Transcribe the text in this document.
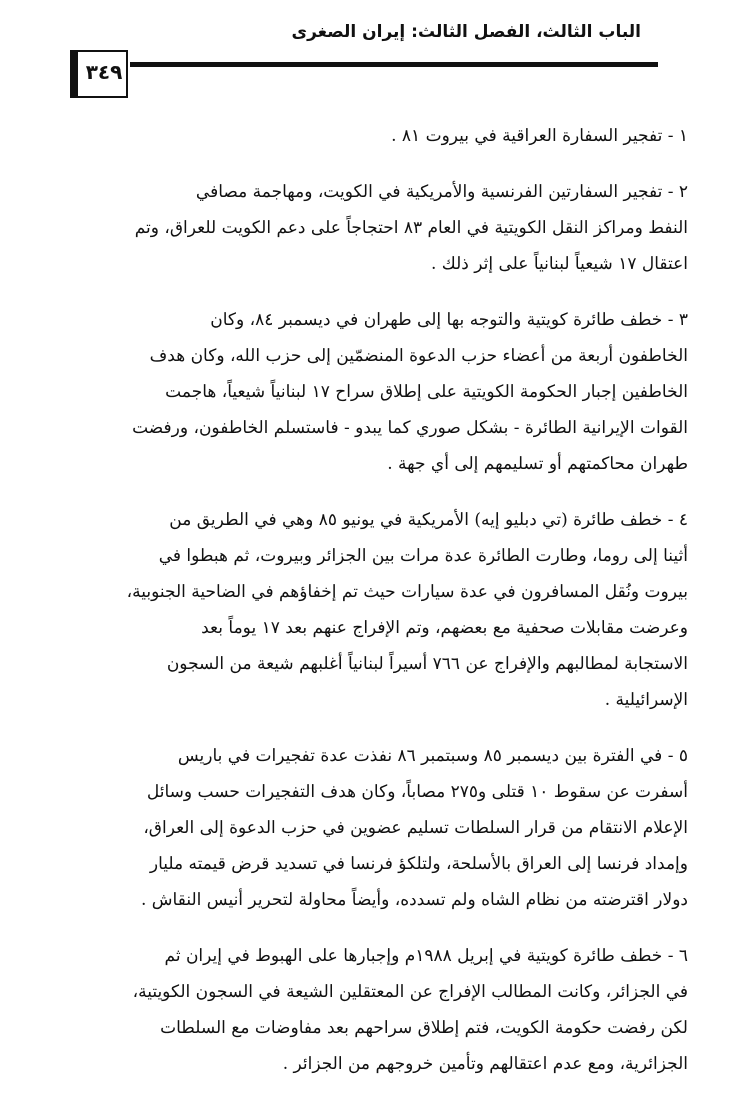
الباب الثالث، الفصل الثالث: إيران الصغرى
٣٤٩
١ - تفجير السفارة العراقية في بيروت ٨١ .
٢ - تفجير السفارتين الفرنسية والأمريكية في الكويت، ومهاجمة مصافي
النفط ومراكز النقل الكويتية في العام ٨٣ احتجاجاً على دعم الكويت للعراق، وتم
اعتقال ١٧ شيعياً لبنانياً على إثر ذلك .
٣ - خطف طائرة كويتية والتوجه بها إلى طهران في ديسمبر ٨٤، وكان
الخاطفون أربعة من أعضاء حزب الدعوة المنضمّين إلى حزب الله، وكان هدف
الخاطفين إجبار الحكومة الكويتية على إطلاق سراح ١٧ لبنانياً شيعياً، هاجمت
القوات الإيرانية الطائرة - بشكل صوري كما يبدو - فاستسلم الخاطفون، ورفضت
طهران محاكمتهم أو تسليمهم إلى أي جهة .
٤ - خطف طائرة (تي دبليو إيه) الأمريكية في يونيو ٨٥ وهي في الطريق من
أثينا إلى روما، وطارت الطائرة عدة مرات بين الجزائر وبيروت، ثم هبطوا في
بيروت ونُقل المسافرون في عدة سيارات حيث تم إخفاؤهم في الضاحية الجنوبية،
وعرضت مقابلات صحفية مع بعضهم، وتم الإفراج عنهم بعد ١٧ يوماً بعد
الاستجابة لمطالبهم والإفراج عن ٧٦٦ أسيراً لبنانياً أغلبهم شيعة من السجون
الإسرائيلية .
٥ - في الفترة بين ديسمبر ٨٥ وسبتمبر ٨٦ نفذت عدة تفجيرات في باريس
أسفرت عن سقوط ١٠ قتلى و٢٧٥ مصاباً، وكان هدف التفجيرات حسب وسائل
الإعلام الانتقام من قرار السلطات تسليم عضوين في حزب الدعوة إلى العراق،
وإمداد فرنسا إلى العراق بالأسلحة، ولتلكؤ فرنسا في تسديد قرض قيمته مليار
دولار اقترضته من نظام الشاه ولم تسدده، وأيضاً محاولة لتحرير أنيس النقاش .
٦ - خطف طائرة كويتية في إبريل ١٩٨٨م وإجبارها على الهبوط في إيران ثم
في الجزائر، وكانت المطالب الإفراج عن المعتقلين الشيعة في السجون الكويتية،
لكن رفضت حكومة الكويت، فتم إطلاق سراحهم بعد مفاوضات مع السلطات
الجزائرية، ومع عدم اعتقالهم وتأمين خروجهم من الجزائر .
